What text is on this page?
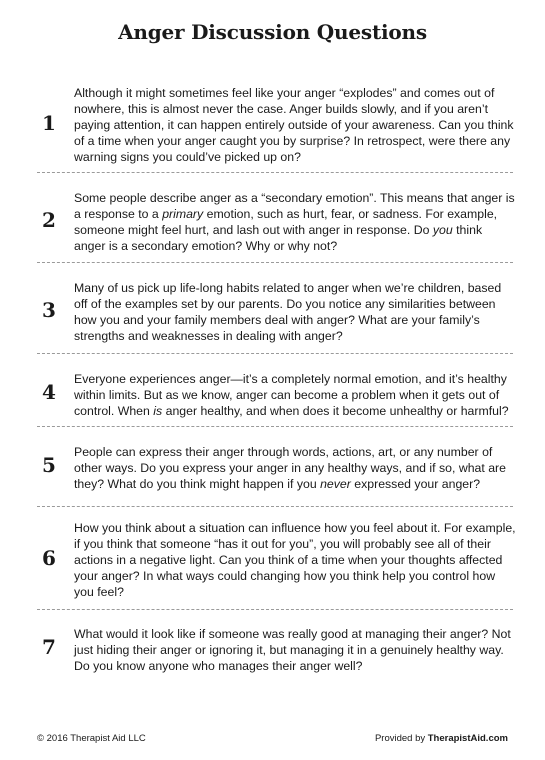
Anger Discussion Questions
1
Although it might sometimes feel like your anger “explodes” and comes out of nowhere, this is almost never the case. Anger builds slowly, and if you aren’t paying attention, it can happen entirely outside of your awareness. Can you think of a time when your anger caught you by surprise? In retrospect, were there any warning signs you could’ve picked up on?
2
Some people describe anger as a “secondary emotion”. This means that anger is a response to a primary emotion, such as hurt, fear, or sadness. For example, someone might feel hurt, and lash out with anger in response. Do you think anger is a secondary emotion? Why or why not?
3
Many of us pick up life-long habits related to anger when we’re children, based off of the examples set by our parents. Do you notice any similarities between how you and your family members deal with anger? What are your family’s strengths and weaknesses in dealing with anger?
4
Everyone experiences anger—it’s a completely normal emotion, and it’s healthy within limits. But as we know, anger can become a problem when it gets out of control. When is anger healthy, and when does it become unhealthy or harmful?
5
People can express their anger through words, actions, art, or any number of other ways. Do you express your anger in any healthy ways, and if so, what are they? What do you think might happen if you never expressed your anger?
6
How you think about a situation can influence how you feel about it. For example, if you think that someone “has it out for you”, you will probably see all of their actions in a negative light. Can you think of a time when your thoughts affected your anger? In what ways could changing how you think help you control how you feel?
7
What would it look like if someone was really good at managing their anger? Not just hiding their anger or ignoring it, but managing it in a genuinely healthy way. Do you know anyone who manages their anger well?
© 2016 Therapist Aid LLC	Provided by TherapistAid.com
